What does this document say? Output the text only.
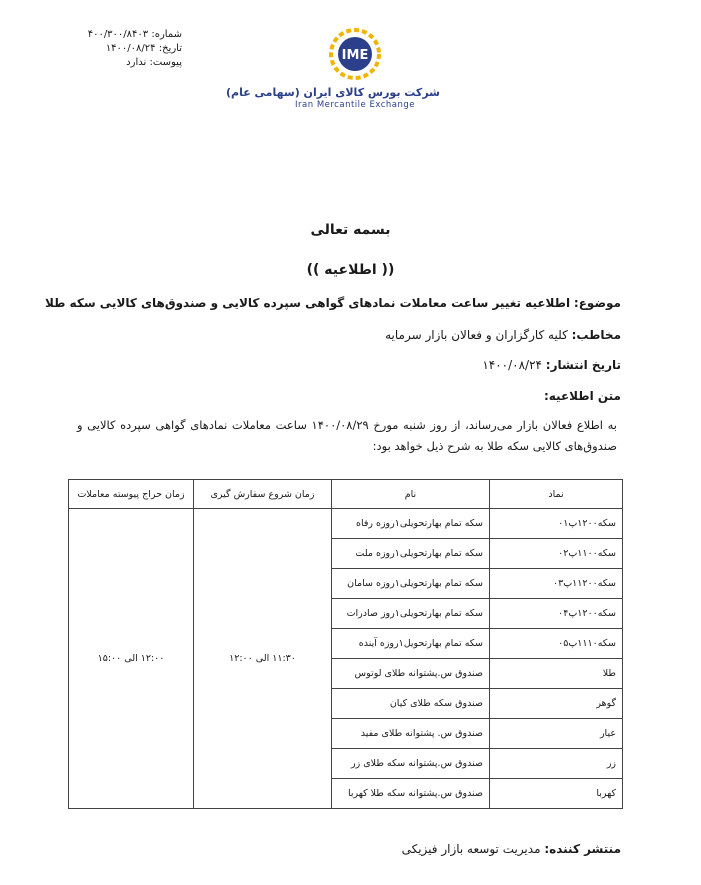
شماره: ۴۰۰/۳۰۰/۸۴۰۳
تاریخ: ۱۴۰۰/۰۸/۲۴
پیوست: ندارد	IME
شرکت بورس کالای ایران (سهامی عام)
Iran Mercantile Exchange
بسمه تعالی
(( اطلاعیه ))
موضوع: اطلاعیه تغییر ساعت معاملات نمادهای گواهی سپرده کالایی و صندوق‌های کالایی سکه طلا
مخاطب: کلیه کارگزاران و فعالان بازار سرمایه
تاریخ انتشار: ۱۴۰۰/۰۸/۲۴
متن اطلاعیه:
به اطلاع فعالان بازار می‌رساند، از روز شنبه مورخ ۱۴۰۰/۰۸/۲۹ ساعت معاملات نمادهای گواهی سپرده کالایی و صندوق‌های کالایی سکه طلا به شرح ذیل خواهد بود:
نماد	نام	زمان شروع سفارش گیری	زمان حراج پیوسته معاملات
سکه۱۲۰۰پ۰۱	سکه تمام بهارتحویلی۱روزه رفاه	۱۱:۳۰ الی ۱۲:۰۰	۱۲:۰۰ الی ۱۵:۰۰
سکه۱۱۰۰پ۰۲	سکه تمام بهارتحویلی۱روزه ملت		
سکه۱۱۲۰۰پ۰۳	سکه تمام بهارتحویلی۱روزه سامان		
سکه۱۲۰۰پ۰۴	سکه تمام بهارتحویلی۱روز صادرات		
سکه۱۱۱۰پ۰۵	سکه تمام بهارتحویل۱روزه آینده		
طلا	صندوق س.پشتوانه طلای لوتوس		
گوهر	صندوق سکه طلای کیان		
عیار	صندوق س. پشتوانه طلای مفید		
زر	صندوق س.پشتوانه سکه طلای زر		
کهربا	صندوق س.پشتوانه سکه طلا کهربا		
منتشر کننده: مدیریت توسعه بازار فیزیکی
